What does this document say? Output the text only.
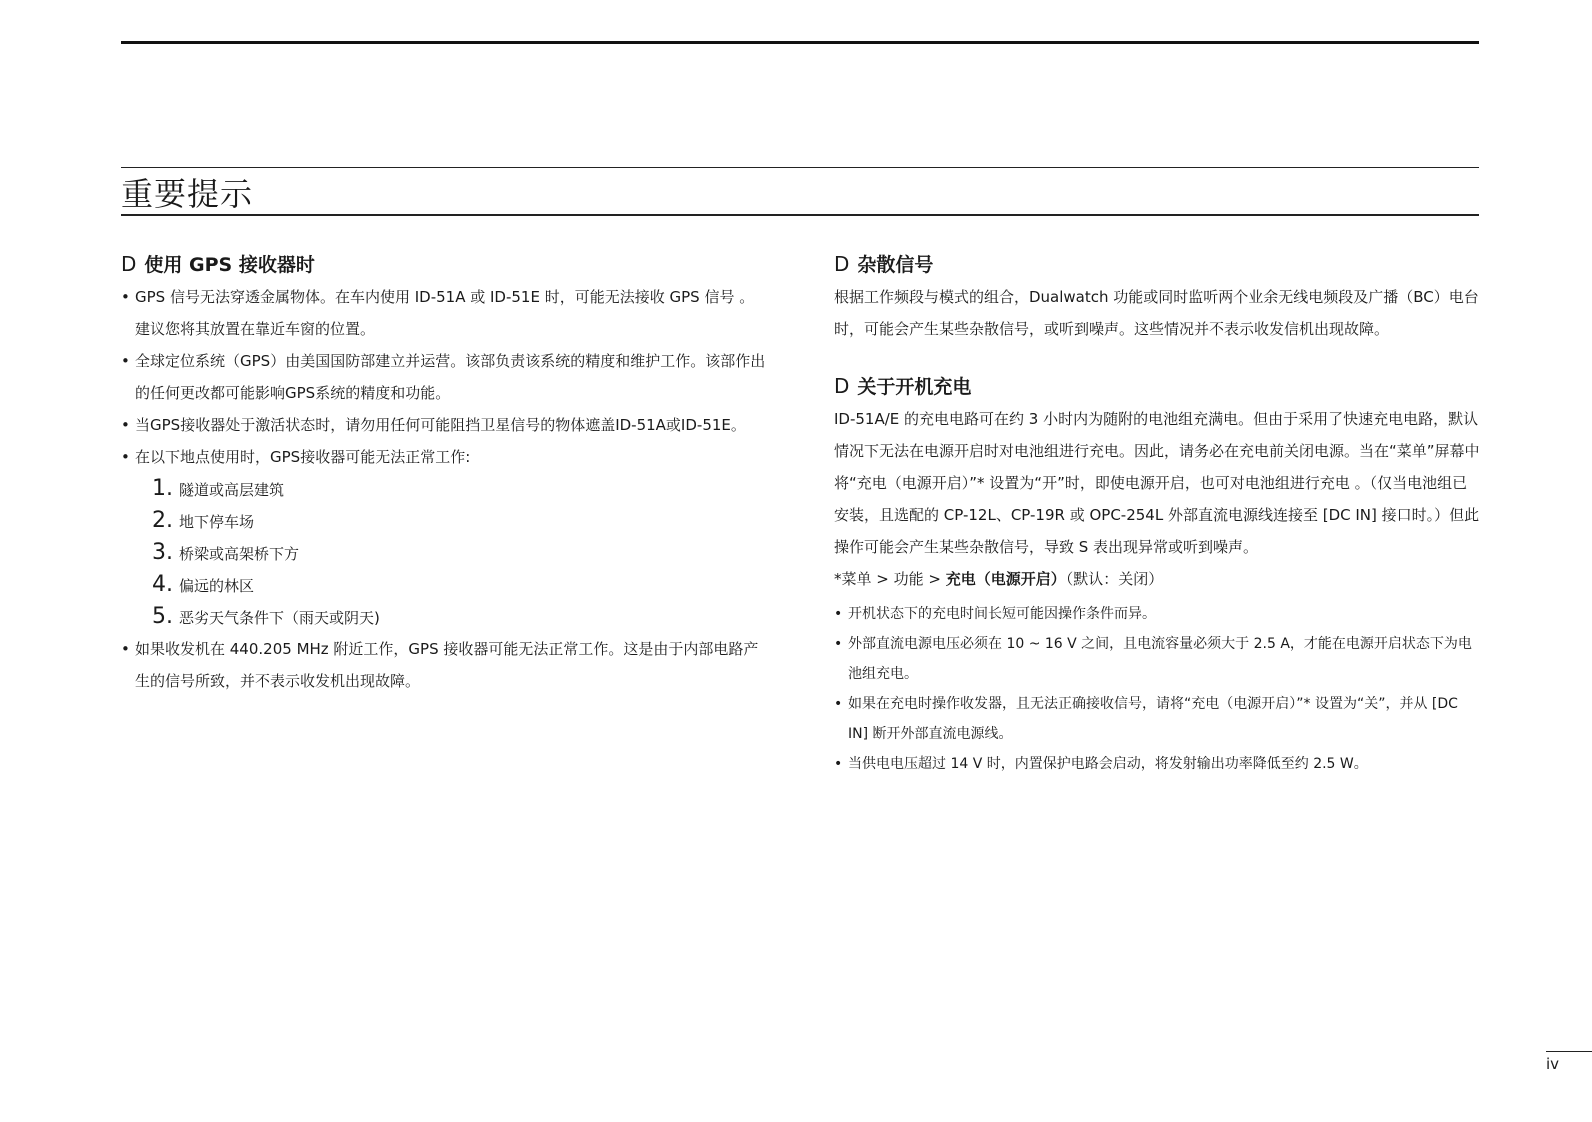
重要提示
D 使用 GPS 接收器时
• GPS 信号无法穿透金属物体。在车内使用 ID-51A 或 ID-51E 时，可能无法接收 GPS 信号 。建议您将其放置在靠近车窗的位置。
• 全球定位系统（GPS）由美国国防部建立并运营。该部负责该系统的精度和维护工作。该部作出的任何更改都可能影响GPS系统的精度和功能。
• 当GPS接收器处于激活状态时，请勿用任何可能阻挡卫星信号的物体遮盖ID-51A或ID-51E。
• 在以下地点使用时，GPS接收器可能无法正常工作:
1. 隧道或高层建筑
2. 地下停车场
3. 桥梁或高架桥下方
4. 偏远的林区
5. 恶劣天气条件下（雨天或阴天)
• 如果收发机在 440.205 MHz 附近工作，GPS 接收器可能无法正常工作。这是由于内部电路产生的信号所致，并不表示收发机出现故障。
D 杂散信号

根据工作频段与模式的组合，Dualwatch 功能或同时监听两个业余无线电频段及广播（BC）电台时，可能会产生某些杂散信号，或听到噪声。这些情况并不表示收发信机出现故障。

D 关于开机充电

ID-51A/E 的充电电路可在约 3 小时内为随附的电池组充满电。但由于采用了快速充电电路，默认情况下无法在电源开启时对电池组进行充电。因此，请务必在充电前关闭电源。当在“菜单”屏幕中将“充电（电源开启）”* 设置为“开”时，即使电源开启，也可对电池组进行充电 。（仅当电池组已安装，且选配的 CP-12L、CP-19R 或 OPC-254L 外部直流电源线连接至 [DC IN] 接口时。）但此操作可能会产生某些杂散信号，导致 S 表出现异常或听到噪声。

*菜单 > 功能 > 充电（电源开启）（默认：关闭）

• 开机状态下的充电时间长短可能因操作条件而异。
• 外部直流电源电压必须在 10 ~ 16 V 之间，且电流容量必须大于 2.5 A，才能在电源开启状态下为电池组充电。
• 如果在充电时操作收发器，且无法正确接收信号，请将“充电（电源开启）”* 设置为“关”，并从 [DC IN] 断开外部直流电源线。
• 当供电电压超过 14 V 时，内置保护电路会启动，将发射输出功率降低至约 2.5 W。
iv
